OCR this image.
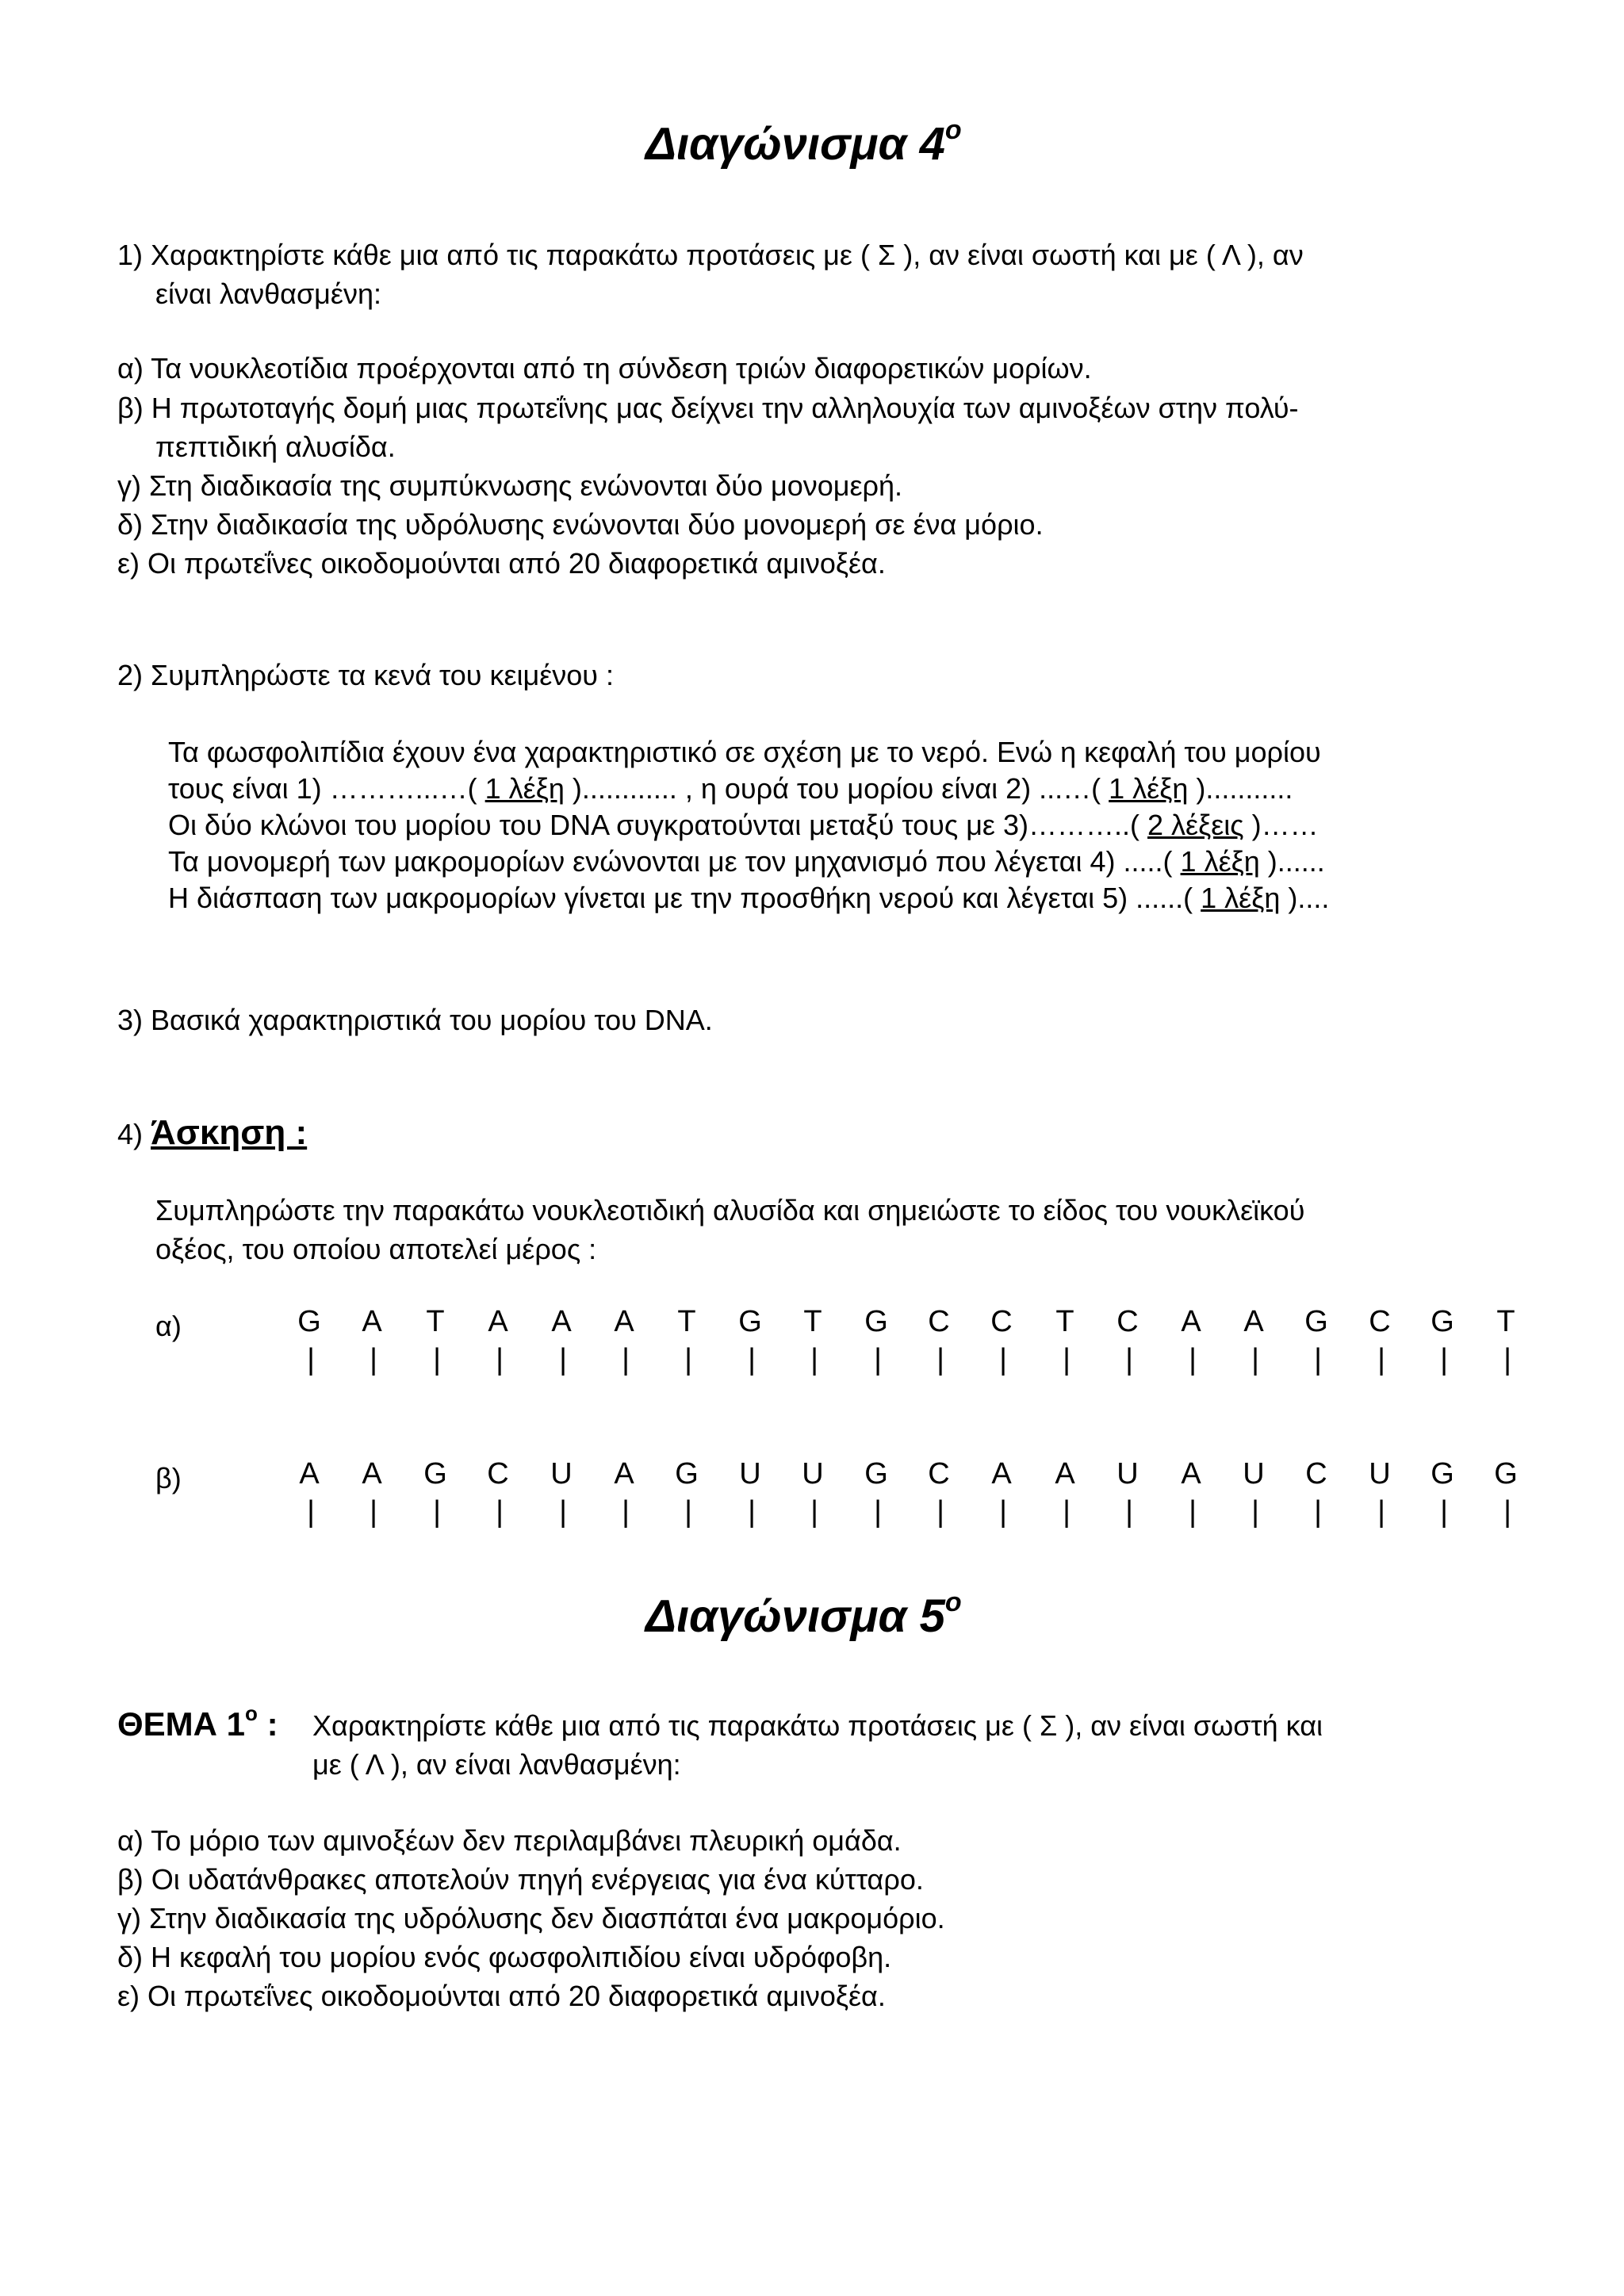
Διαγώνισμα $4^o$
1) Χαρακτηρίστε κάθε μια από τις παρακάτω προτάσεις με ( Σ ), αν είναι σωστή και με ( Λ ), αν
είναι λανθασμένη:
α) Τα νουκλεοτίδια προέρχονται από τη σύνδεση τριών διαφορετικών μορίων.
β) Η πρωτοταγής δομή μιας πρωτεΐνης μας δείχνει την αλληλουχία των αμινοξέων στην πολύ-
πεπτιδική αλυσίδα.
γ) Στη διαδικασία της συμπύκνωσης ενώνονται δύο μονομερή.
δ) Στην διαδικασία της υδρόλυσης ενώνονται δύο μονομερή σε ένα μόριο.
ε) Οι πρωτεΐνες οικοδομούνται από 20 διαφορετικά αμινοξέα.
2) Συμπληρώστε τα κενά του κειμένου :
Τα φωσφολιπίδια έχουν ένα χαρακτηριστικό σε σχέση με το νερό. Ενώ η κεφαλή του μορίου
τους είναι 1) ………...…( 1 λέξη )............ , η ουρά του μορίου είναι 2) ...…( 1 λέξη )...........
Οι δύο κλώνοι του μορίου του DNA συγκρατούνται μεταξύ τους με 3)………..( 2 λέξεις )……
Τα μονομερή των μακρομορίων ενώνονται με τον μηχανισμό που λέγεται 4) .....( 1 λέξη )......
Η διάσπαση των μακρομορίων γίνεται με την προσθήκη νερού και λέγεται 5) ......( 1 λέξη )....
3) Βασικά χαρακτηριστικά του μορίου του DNA.
4) Άσκηση :
Συμπληρώστε την παρακάτω νουκλεοτιδική αλυσίδα και σημειώστε το είδος του νουκλεϊκού
οξέος, του οποίου αποτελεί μέρος :
α)	G
|
A
|
T
|
A
|
A
|
A
|
T
|
G
|
T
|
G
|
C
|
C
|
T
|
C
|
A
|
A
|
G
|
C
|
G
|
T
|
β)	A
|
A
|
G
|
C
|
U
|
A
|
G
|
U
|
U
|
G
|
C
|
A
|
A
|
U
|
A
|
U
|
C
|
U
|
G
|
G
|
Διαγώνισμα $5^o$
ΘΕΜΑ $1^o$ : Χαρακτηρίστε κάθε μια από τις παρακάτω προτάσεις με ( Σ ), αν είναι σωστή και
με ( Λ ), αν είναι λανθασμένη:
α) Το μόριο των αμινοξέων δεν περιλαμβάνει πλευρική ομάδα.
β) Οι υδατάνθρακες αποτελούν πηγή ενέργειας για ένα κύτταρο.
γ) Στην διαδικασία της υδρόλυσης δεν διασπάται ένα μακρομόριο.
δ) Η κεφαλή του μορίου ενός φωσφολιπιδίου είναι υδρόφοβη.
ε) Οι πρωτεΐνες οικοδομούνται από 20 διαφορετικά αμινοξέα.
